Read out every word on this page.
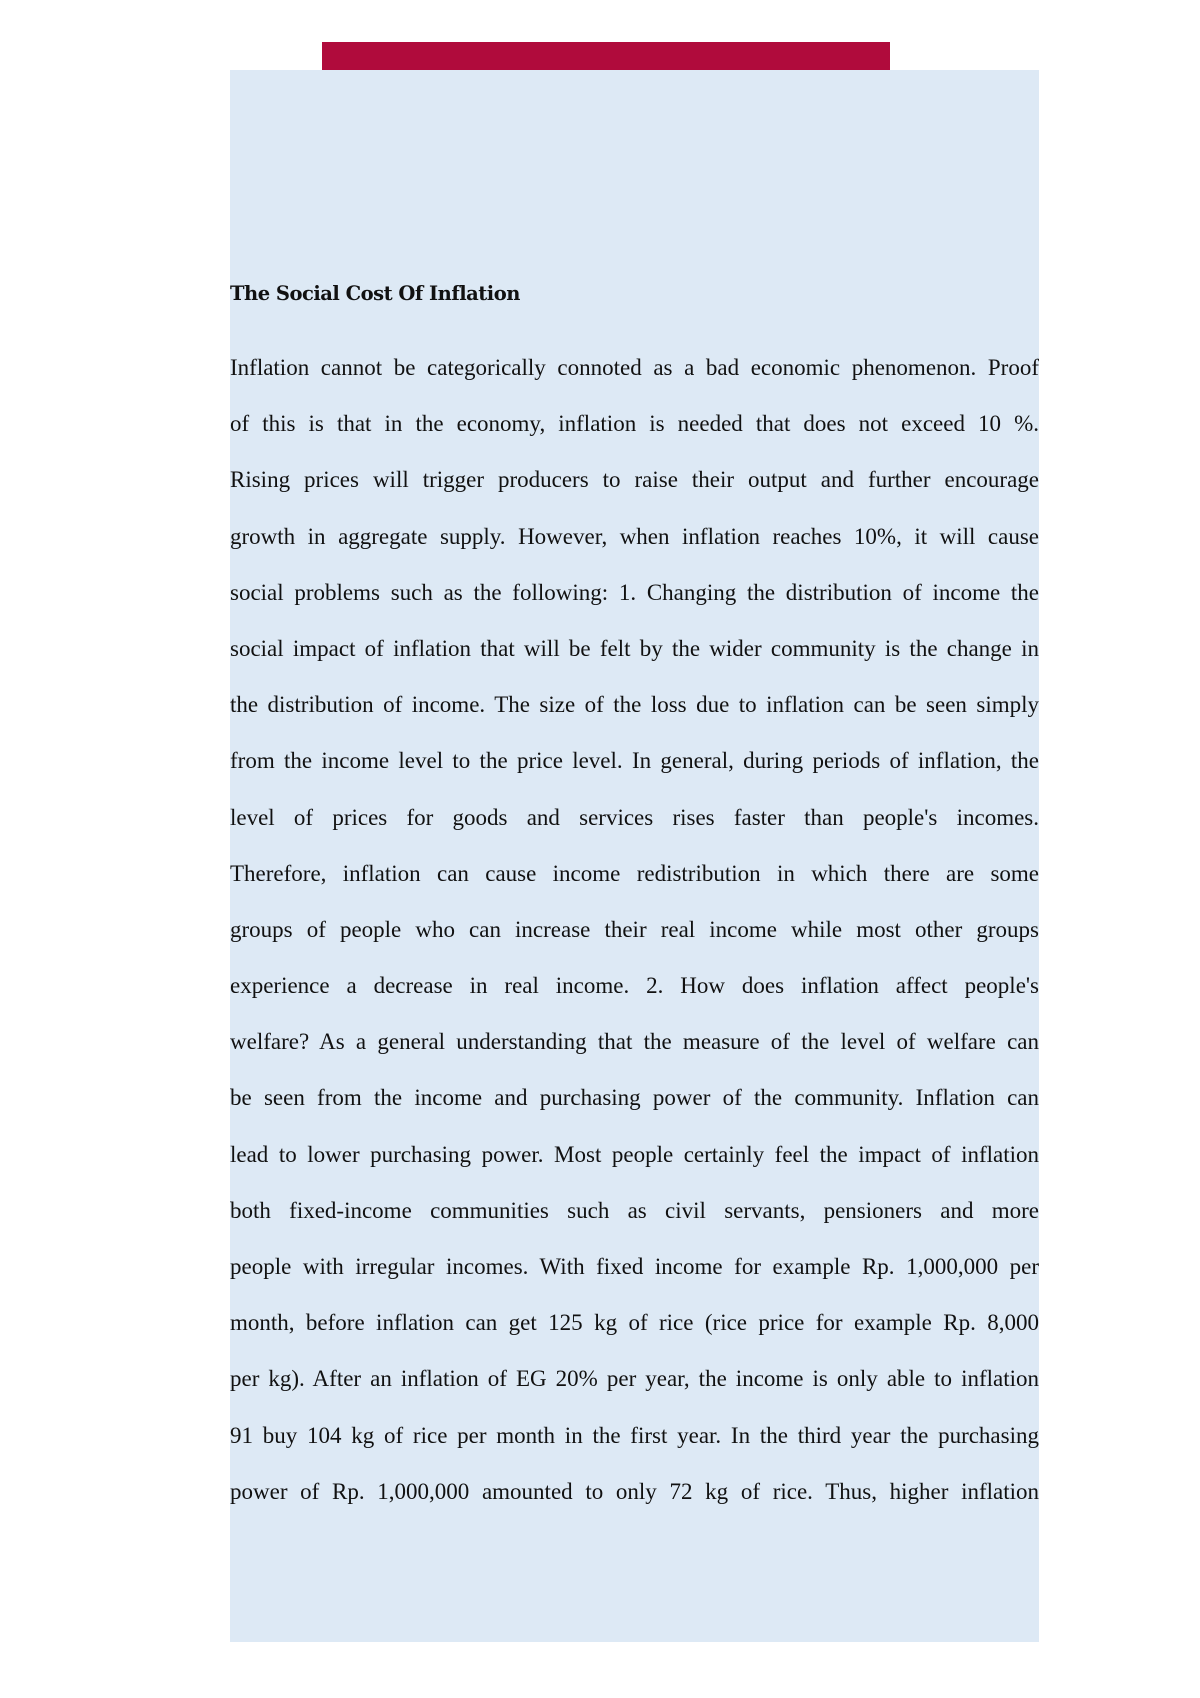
The Social Cost Of Inflation
Inflation cannot be categorically connoted as a bad economic phenomenon. Proof
of this is that in the economy, inflation is needed that does not exceed 10 %.
Rising prices will trigger producers to raise their output and further encourage
growth in aggregate supply. However, when inflation reaches 10%, it will cause
social problems such as the following: 1. Changing the distribution of income the
social impact of inflation that will be felt by the wider community is the change in
the distribution of income. The size of the loss due to inflation can be seen simply
from the income level to the price level. In general, during periods of inflation, the
level of prices for goods and services rises faster than people's incomes.
Therefore, inflation can cause income redistribution in which there are some
groups of people who can increase their real income while most other groups
experience a decrease in real income. 2. How does inflation affect people's
welfare? As a general understanding that the measure of the level of welfare can
be seen from the income and purchasing power of the community. Inflation can
lead to lower purchasing power. Most people certainly feel the impact of inflation
both fixed-income communities such as civil servants, pensioners and more
people with irregular incomes. With fixed income for example Rp. 1,000,000 per
month, before inflation can get 125 kg of rice (rice price for example Rp. 8,000
per kg). After an inflation of EG 20% per year, the income is only able to inflation
91 buy 104 kg of rice per month in the first year. In the third year the purchasing
power of Rp. 1,000,000 amounted to only 72 kg of rice. Thus, higher inflation
